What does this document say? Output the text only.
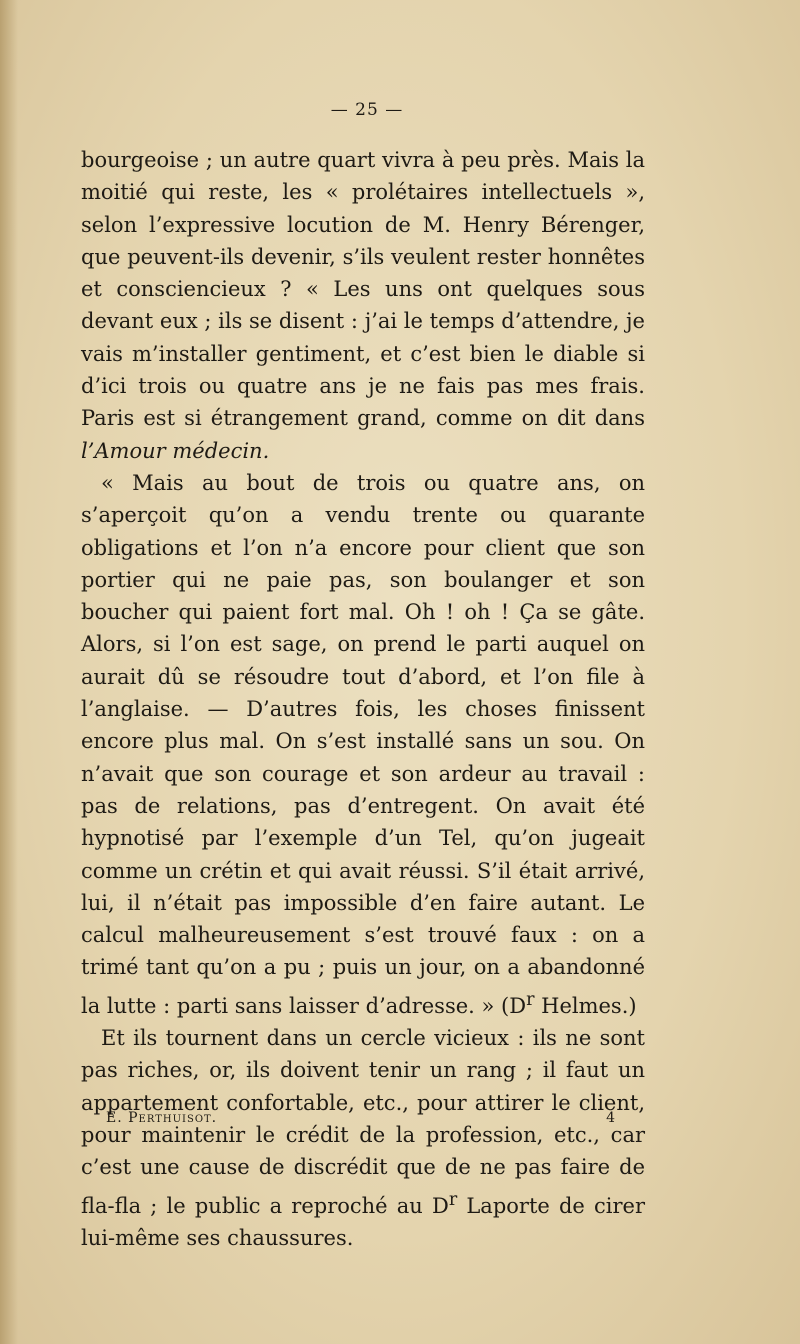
— 25 —

bourgeoise ; un autre quart vivra à peu près. Mais la moitié qui reste, les « prolétaires intellectuels », selon l’expressive locution de M. Henry Bérenger, que peuvent-ils devenir, s’ils veulent rester honnêtes et consciencieux ? « Les uns ont quelques sous devant eux ; ils se disent : j’ai le temps d’attendre, je vais m’installer gentiment, et c’est bien le diable si d’ici trois ou quatre ans je ne fais pas mes frais. Paris est si étrangement grand, comme on dit dans l’Amour médecin.

« Mais au bout de trois ou quatre ans, on s’aperçoit qu’on a vendu trente ou quarante obligations et l’on n’a encore pour client que son portier qui ne paie pas, son boulanger et son boucher qui paient fort mal. Oh ! oh ! Ça se gâte. Alors, si l’on est sage, on prend le parti auquel on aurait dû se résoudre tout d’abord, et l’on file à l’anglaise. — D’autres fois, les choses finissent encore plus mal. On s’est installé sans un sou. On n’avait que son courage et son ardeur au travail : pas de relations, pas d’entregent. On avait été hypnotisé par l’exemple d’un Tel, qu’on jugeait comme un crétin et qui avait réussi. S’il était arrivé, lui, il n’était pas impossible d’en faire autant. Le calcul malheureusement s’est trouvé faux : on a trimé tant qu’on a pu ; puis un jour, on a abandonné la lutte : parti sans laisser d’adresse. » ($D^r$ Helmes.)

Et ils tournent dans un cercle vicieux : ils ne sont pas riches, or, ils doivent tenir un rang ; il faut un appartement confortable, etc., pour attirer le client, pour maintenir le crédit de la profession, etc., car c’est une cause de discrédit que de ne pas faire de fla-fla ; le public a reproché au $D^r$ Laporte de cirer lui-même ses chaussures.

E. Perthuisot.	4
